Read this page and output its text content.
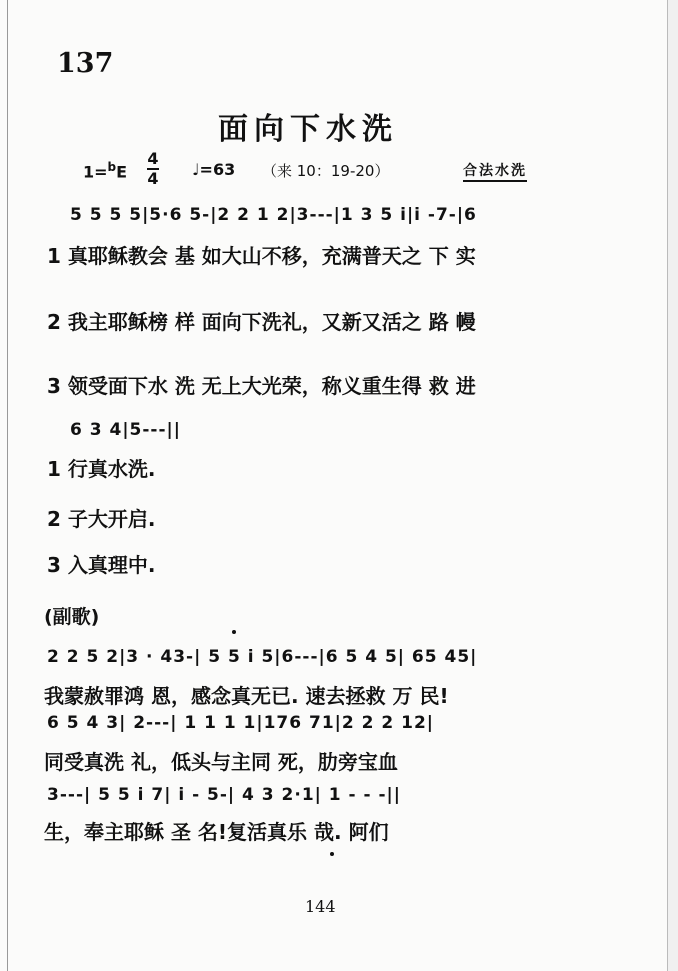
137
面向下水洗
1=$^b$E
4
4 ♩=63 （来 10：19-20）	合法水洗
5 5 5 5|5·6 5-|2 2 1 2|3---|1 3 5 i|i -7-|6
1 真耶稣教会 基 如大山不移，充满普天之 下 实
2 我主耶稣榜 样 面向下洗礼，又新又活之 路 幔
3 领受面下水 洗 无上大光荣，称义重生得 救 进
6 3 4|5---||
1 行真水洗.
2 子大开启.
3 入真理中.
(副歌)
2 2 5 2|3 · 43-| 5 5 i 5|6---|6 5 4 5| 65 45|
我蒙赦罪鸿 恩，感念真无已. 速去拯救 万 民!
6 5 4 3| 2---| 1 1 1 1|176 71|2 2 2 12|
同受真洗 礼，低头与主同 死，肋旁宝血
3---| 5 5 i 7| i - 5-| 4 3 2·1| 1 - - -||
生，奉主耶稣 圣 名!复活真乐 哉. 阿们
144
